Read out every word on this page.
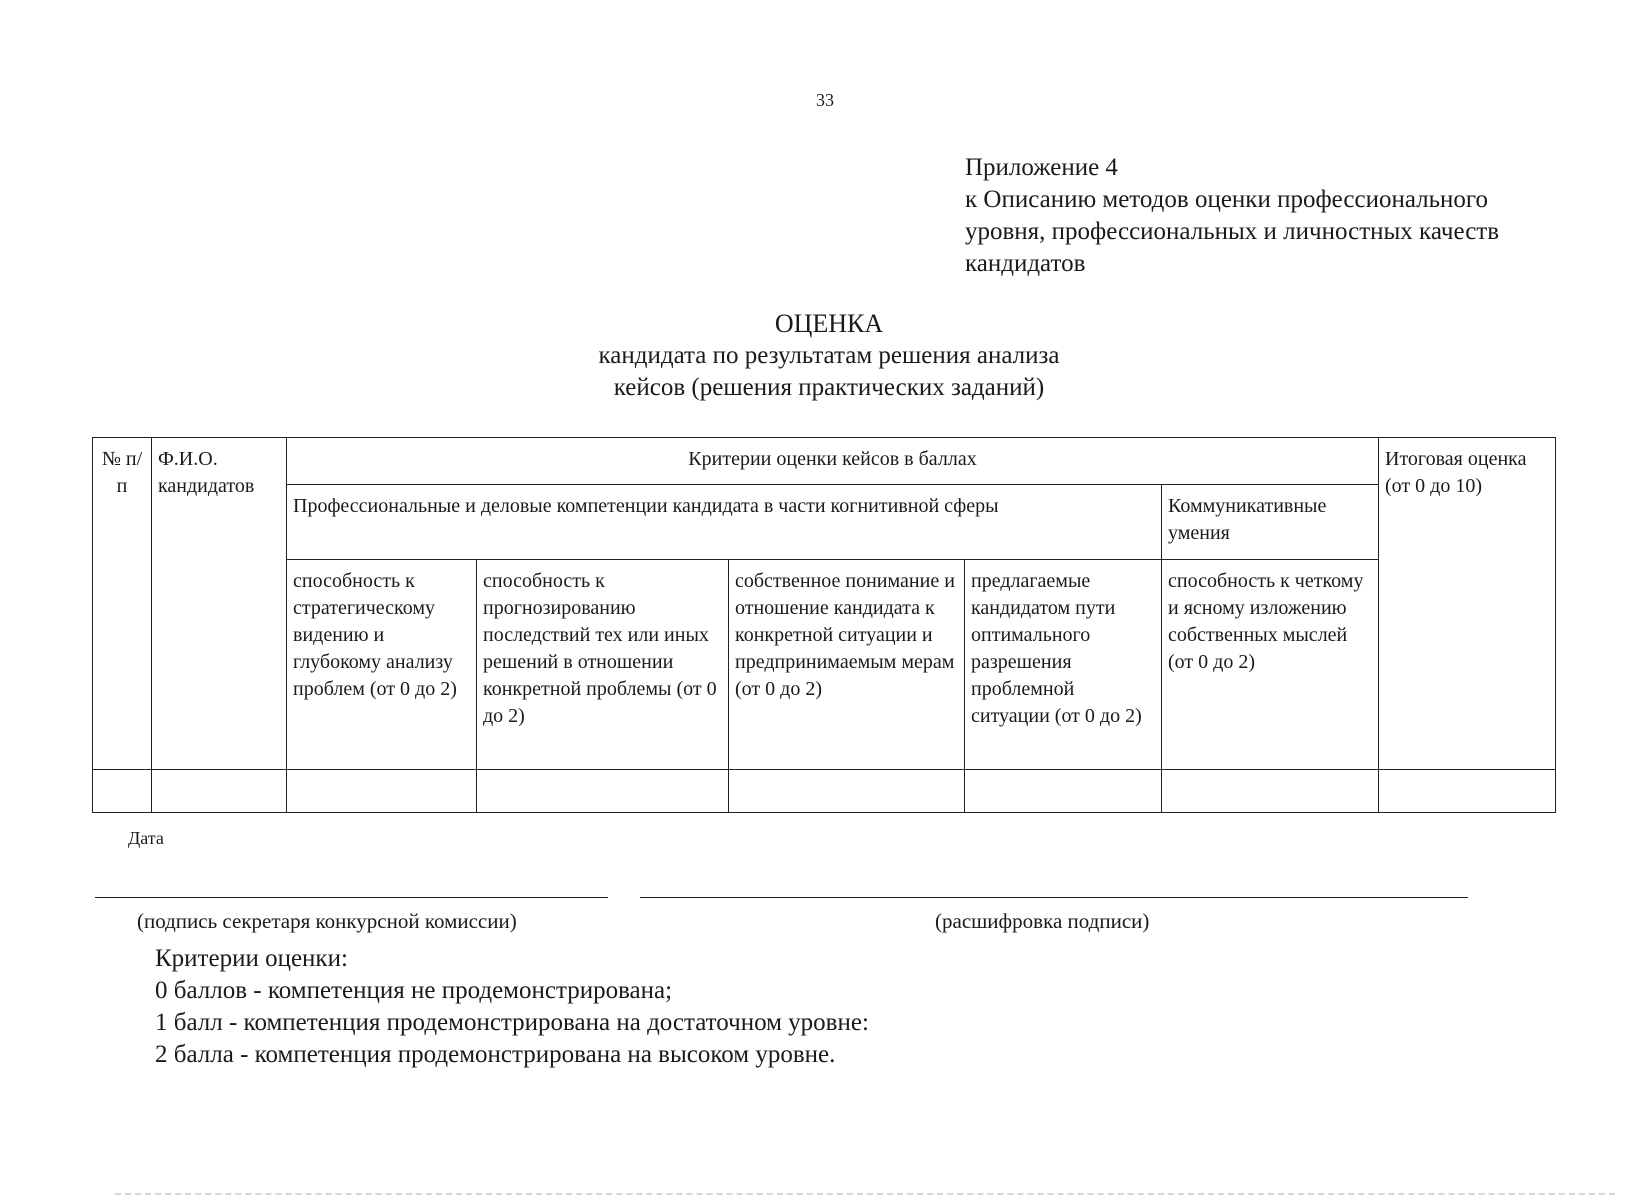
33
Приложение 4
к Описанию методов оценки профессионального
уровня, профессиональных и личностных качеств
кандидатов
ОЦЕНКА
кандидата по результатам решения анализа
кейсов (решения практических заданий)
№ п/п	Ф.И.О. кандидатов	Критерии оценки кейсов в баллах					Итоговая оценка (от 0 до 10)
		Профессиональные и деловые компетенции кандидата в части когнитивной сферы				Коммуникативные умения	
		способность к стратегическому видению и глубокому анализу проблем (от 0 до 2)	способность к прогнозированию последствий тех или иных решений в отношении конкретной проблемы (от 0 до 2)	собственное понимание и отношение кандидата к конкретной ситуации и предпринимаемым мерам (от 0 до 2)	предлагаемые кандидатом пути оптимального разрешения проблемной ситуации (от 0 до 2)	способность к четкому и ясному изложению собственных мыслей (от 0 до 2)	

Дата
(подпись секретаря конкурсной комиссии)	(расшифровка подписи)
Критерии оценки:
0 баллов - компетенция не продемонстрирована;
1 балл - компетенция продемонстрирована на достаточном уровне:
2 балла - компетенция продемонстрирована на высоком уровне.
